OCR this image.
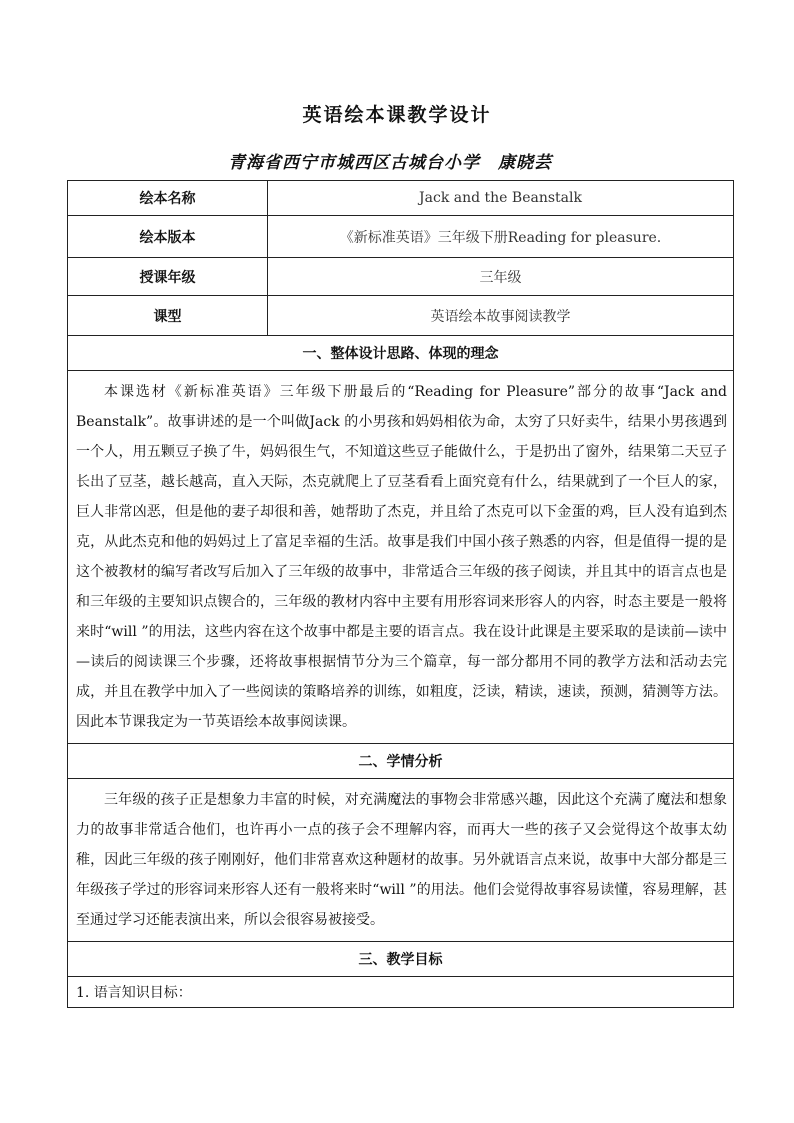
英语绘本课教学设计
青海省西宁市城西区古城台小学　康晓芸
绘本名称	Jack and the Beanstalk
绘本版本	《新标准英语》三年级下册Reading for pleasure.
授课年级	三年级
课型	英语绘本故事阅读教学
一、整体设计思路、体现的理念	
本课选材《新标准英语》三年级下册最后的“Reading for Pleasure”部分的故事“Jack and Beanstalk”。故事讲述的是一个叫做Jack 的小男孩和妈妈相依为命，太穷了只好卖牛，结果小男孩遇到一个人，用五颗豆子换了牛，妈妈很生气，不知道这些豆子能做什么，于是扔出了窗外，结果第二天豆子长出了豆茎，越长越高，直入天际，杰克就爬上了豆茎看看上面究竟有什么，结果就到了一个巨人的家，巨人非常凶恶，但是他的妻子却很和善，她帮助了杰克，并且给了杰克可以下金蛋的鸡，巨人没有追到杰克，从此杰克和他的妈妈过上了富足幸福的生活。故事是我们中国小孩子熟悉的内容，但是值得一提的是这个被教材的编写者改写后加入了三年级的故事中，非常适合三年级的孩子阅读，并且其中的语言点也是和三年级的主要知识点锲合的，三年级的教材内容中主要有用形容词来形容人的内容，时态主要是一般将来时“will ”的用法，这些内容在这个故事中都是主要的语言点。我在设计此课是主要采取的是读前—读中—读后的阅读课三个步骤，还将故事根据情节分为三个篇章，每一部分都用不同的教学方法和活动去完成，并且在教学中加入了一些阅读的策略培养的训练，如粗度，泛读，精读，速读，预测，猜测等方法。因此本节课我定为一节英语绘本故事阅读课。	
二、学情分析	
三年级的孩子正是想象力丰富的时候，对充满魔法的事物会非常感兴趣，因此这个充满了魔法和想象力的故事非常适合他们，也许再小一点的孩子会不理解内容，而再大一些的孩子又会觉得这个故事太幼稚，因此三年级的孩子刚刚好，他们非常喜欢这种题材的故事。另外就语言点来说，故事中大部分都是三年级孩子学过的形容词来形容人还有一般将来时“will ”的用法。他们会觉得故事容易读懂，容易理解，甚至通过学习还能表演出来，所以会很容易被接受。	
三、教学目标	
1. 语言知识目标：	
